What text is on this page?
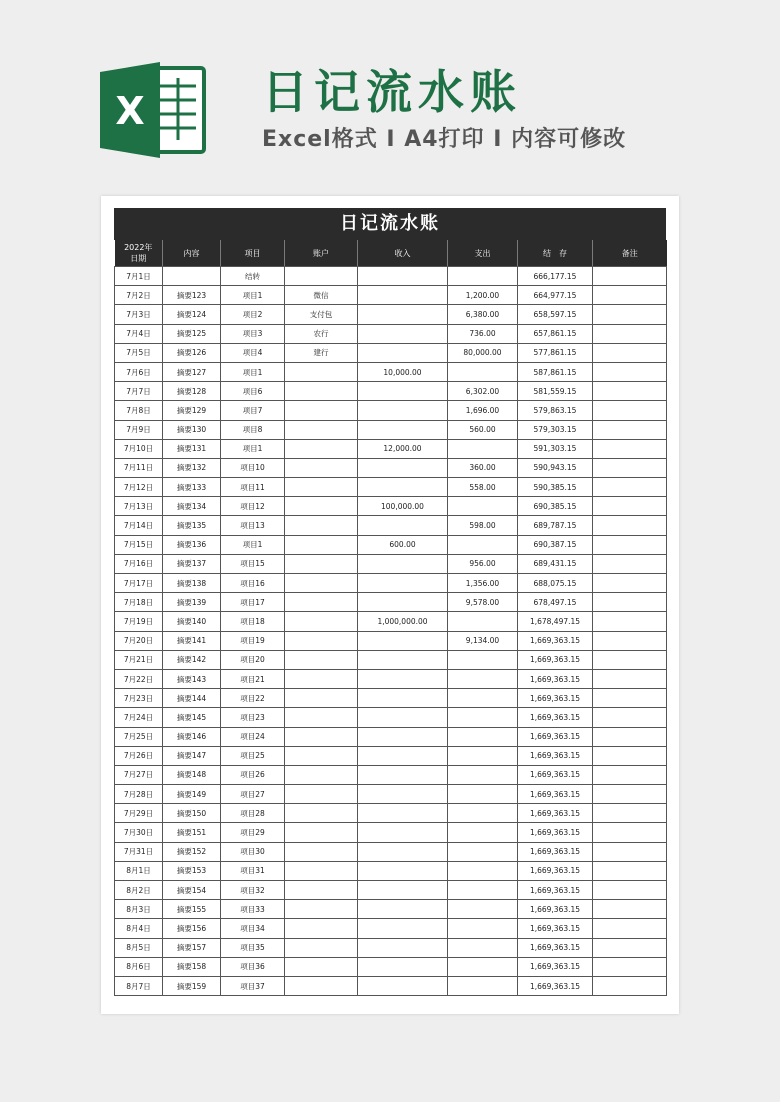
X	日记流水账
Excel格式 I A4打印 I 内容可修改
日记流水账
2022年
日期	内容	项目	账户	收入	支出	结　存	备注
7月1日		结转				666,177.15	
7月2日	摘要123	项目1	微信		1,200.00	664,977.15	
7月3日	摘要124	项目2	支付包		6,380.00	658,597.15	
7月4日	摘要125	项目3	农行		736.00	657,861.15	
7月5日	摘要126	项目4	建行		80,000.00	577,861.15	
7月6日	摘要127	项目1		10,000.00		587,861.15	
7月7日	摘要128	项目6			6,302.00	581,559.15	
7月8日	摘要129	项目7			1,696.00	579,863.15	
7月9日	摘要130	项目8			560.00	579,303.15	
7月10日	摘要131	项目1		12,000.00		591,303.15	
7月11日	摘要132	项目10			360.00	590,943.15	
7月12日	摘要133	项目11			558.00	590,385.15	
7月13日	摘要134	项目12		100,000.00		690,385.15	
7月14日	摘要135	项目13			598.00	689,787.15	
7月15日	摘要136	项目1		600.00		690,387.15	
7月16日	摘要137	项目15			956.00	689,431.15	
7月17日	摘要138	项目16			1,356.00	688,075.15	
7月18日	摘要139	项目17			9,578.00	678,497.15	
7月19日	摘要140	项目18		1,000,000.00		1,678,497.15	
7月20日	摘要141	项目19			9,134.00	1,669,363.15	
7月21日	摘要142	项目20				1,669,363.15	
7月22日	摘要143	项目21				1,669,363.15	
7月23日	摘要144	项目22				1,669,363.15	
7月24日	摘要145	项目23				1,669,363.15	
7月25日	摘要146	项目24				1,669,363.15	
7月26日	摘要147	项目25				1,669,363.15	
7月27日	摘要148	项目26				1,669,363.15	
7月28日	摘要149	项目27				1,669,363.15	
7月29日	摘要150	项目28				1,669,363.15	
7月30日	摘要151	项目29				1,669,363.15	
7月31日	摘要152	项目30				1,669,363.15	
8月1日	摘要153	项目31				1,669,363.15	
8月2日	摘要154	项目32				1,669,363.15	
8月3日	摘要155	项目33				1,669,363.15	
8月4日	摘要156	项目34				1,669,363.15	
8月5日	摘要157	项目35				1,669,363.15	
8月6日	摘要158	项目36				1,669,363.15	
8月7日	摘要159	项目37				1,669,363.15	
